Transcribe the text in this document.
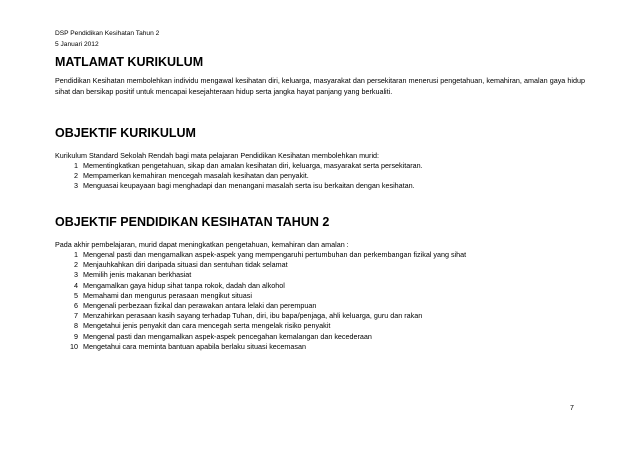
DSP Pendidikan Kesihatan Tahun 2
5 Januari 2012
MATLAMAT KURIKULUM
Pendidikan Kesihatan membolehkan individu mengawal kesihatan diri, keluarga, masyarakat dan persekitaran menerusi pengetahuan, kemahiran, amalan gaya hidup sihat dan bersikap positif untuk mencapai kesejahteraan hidup serta jangka hayat panjang yang berkualiti.
OBJEKTIF KURIKULUM
Kurikulum Standard Sekolah Rendah bagi mata pelajaran Pendidikan Kesihatan membolehkan murid:
1 Mementingkatkan pengetahuan, sikap dan amalan kesihatan diri, keluarga, masyarakat serta persekitaran.
2 Mempamerkan kemahiran mencegah masalah kesihatan dan penyakit.
3 Menguasai keupayaan bagi menghadapi dan menangani masalah serta isu berkaitan dengan kesihatan.
OBJEKTIF PENDIDIKAN KESIHATAN TAHUN 2
Pada akhir pembelajaran, murid dapat meningkatkan pengetahuan, kemahiran dan amalan :
1 Mengenal pasti dan mengamalkan aspek-aspek yang mempengaruhi pertumbuhan dan perkembangan fizikal yang sihat
2 Menjauhkahkan diri daripada situasi dan sentuhan tidak selamat
3 Memilih jenis makanan berkhasiat
4 Mengamalkan gaya hidup sihat tanpa rokok, dadah dan alkohol
5 Memahami dan mengurus perasaan mengikut situasi
6 Mengenali perbezaan fizikal dan perawakan antara lelaki dan perempuan
7 Menzahirkan perasaan kasih sayang terhadap Tuhan, diri, ibu bapa/penjaga, ahli keluarga, guru dan rakan
8 Mengetahui jenis penyakit dan cara mencegah serta mengelak risiko penyakit
9 Mengenal pasti dan mengamalkan aspek-aspek pencegahan kemalangan dan kecederaan
10 Mengetahui cara meminta bantuan apabila berlaku situasi kecemasan
7
